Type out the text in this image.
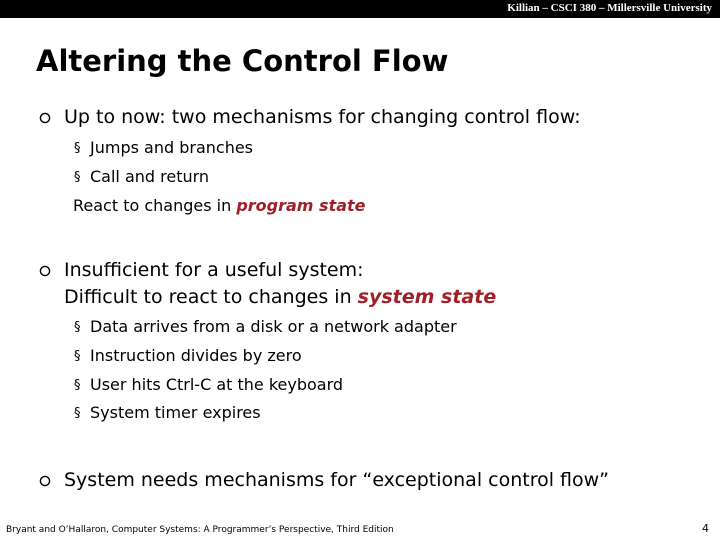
Killian – CSCI 380 – Millersville University
Altering the Control Flow
Up to now: two mechanisms for changing control flow:
§ Jumps and branches
§ Call and return
React to changes in program state
Insufficient for a useful system:
Difficult to react to changes in system state
§ Data arrives from a disk or a network adapter
§ Instruction divides by zero
§ User hits Ctrl-C at the keyboard
§ System timer expires
System needs mechanisms for “exceptional control flow”
Bryant and O’Hallaron, Computer Systems: A Programmer’s Perspective, Third Edition	4
